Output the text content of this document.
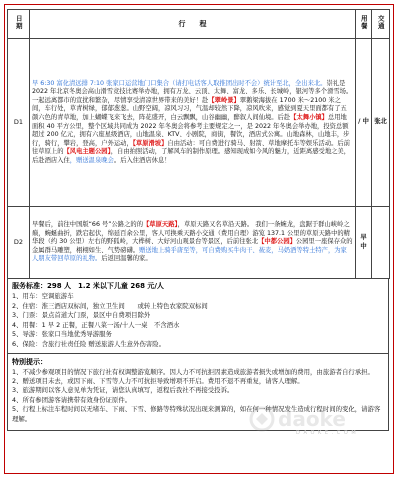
日期	行　　程	用餐	交通
D1	早 6:30 富化清远排 7:10 张家口运营地门口集合（请打电话客人取推团出时不会）统计至北，全出来北。崇礼是 2022 年北京冬奥会高山滑雪竞技比赛举办地，拥有万龙、云顶、太舞、富龙、多乐、长城岭，银河等多个滑雪场。一起远离都市的宣扰和繁杂，尽情享受清凉世界带来的美好！赴【翠岭景】翠鹅梁海拔在 1700 米～2100 米之间，车行处，草青树绿，郁郁葱葱。山野空阔，凉风习习，气温却较然下降，凉风吹来，感觉到夏天里面都有了五颜六色的青草地，加上蝴蝶飞来飞去，阵花盛开，白云飘飘，山谷幽幽，醉叙人间仙境。后赴【太舞小镇】总用地面积 40 平方公里，整个区域共同成为 2022 年冬奥会将参考主要规定之一，是 2022 年冬奥会举办地，投资总额超过 200 亿元，拥有六座星级酒店，山地温泉、KTV、小剧院，商街，餐饮，酒店式公寓。山地森林，山地丰，步行，骑行，攀岩，登高，户外运动，【草原滑坡】自由活动：可自费进行骑马、射箭、草地摩托车等娱乐活动。后前往草原上的【风电主题公园】，自由拍照活动，了解风车的制作原理。感知现成如今风的魅力，近距离感受地之美，后赴酒店入住，赠送温泉晚会。后入住酒店休息！	/ 中	张北
D2	早餐后，前往中国版“66 号”公路之的的【草原天路】，草原天路又名草沿天路。 我们一条蜿龙，盘踞于群山峡岭之巅，蜿蜒曲折，跌宕起伏，绵延百余公里，客人可换乘天路小交通（费用自理）游览 137.1 公里的草原天路中的精华段（约 30 公里）左右的野狐岭，大桦树、大好河山观景台等景区，后前往张北【中都公园】公园里一座保存众的金属群马雕塑，栩栩如生、气势磅礴。赠送地上骑乎唐至等，可自费购买牛肉干、莜麦，马奶酒等特土特产，为家人朋友带回草原的礼物。后返回温馨的家。	早 中	
服务标准：298 人　1.2 米以下儿童 268 元/人
1、用车：空调旅游车
2、住宿：淮三酒店双标间，独立卫生间　　或转上特色农家院双标间
3、门票：景点首道大门票，景区中自费项目除外
4、用餐：1 早 2 正餐，正餐八菜一汤/十人一桌　不含酒水
5、导游：张家口当地优秀导游服务
6、保险：含旅行社责任险 赠送旅游人生意外伤害险。
特别提示：
1、不减少参观项目的情况下旅行社有权调整游览顺序。因人力不可抗拒因素造成旅游者损失或增加的费用，由旅游者自行承担。
2、赠送项目未去，或因下雨、下雪等人力不可抗拒导致增项不开启。费用不退不再重复，请客人理解。
3、旅游期间以客人意见单为凭证，请您认真填写，返程后我社不再接受投诉。
4、所有参团游客请携带有效身份证原件。
5、行程上标注车程时间以无堵车、下雨、下雪、修路等特殊状况出现来测算的，如在何一种情况发生造成行程时间的变化，请游客理解。	daoke
D A O K E . C O M
